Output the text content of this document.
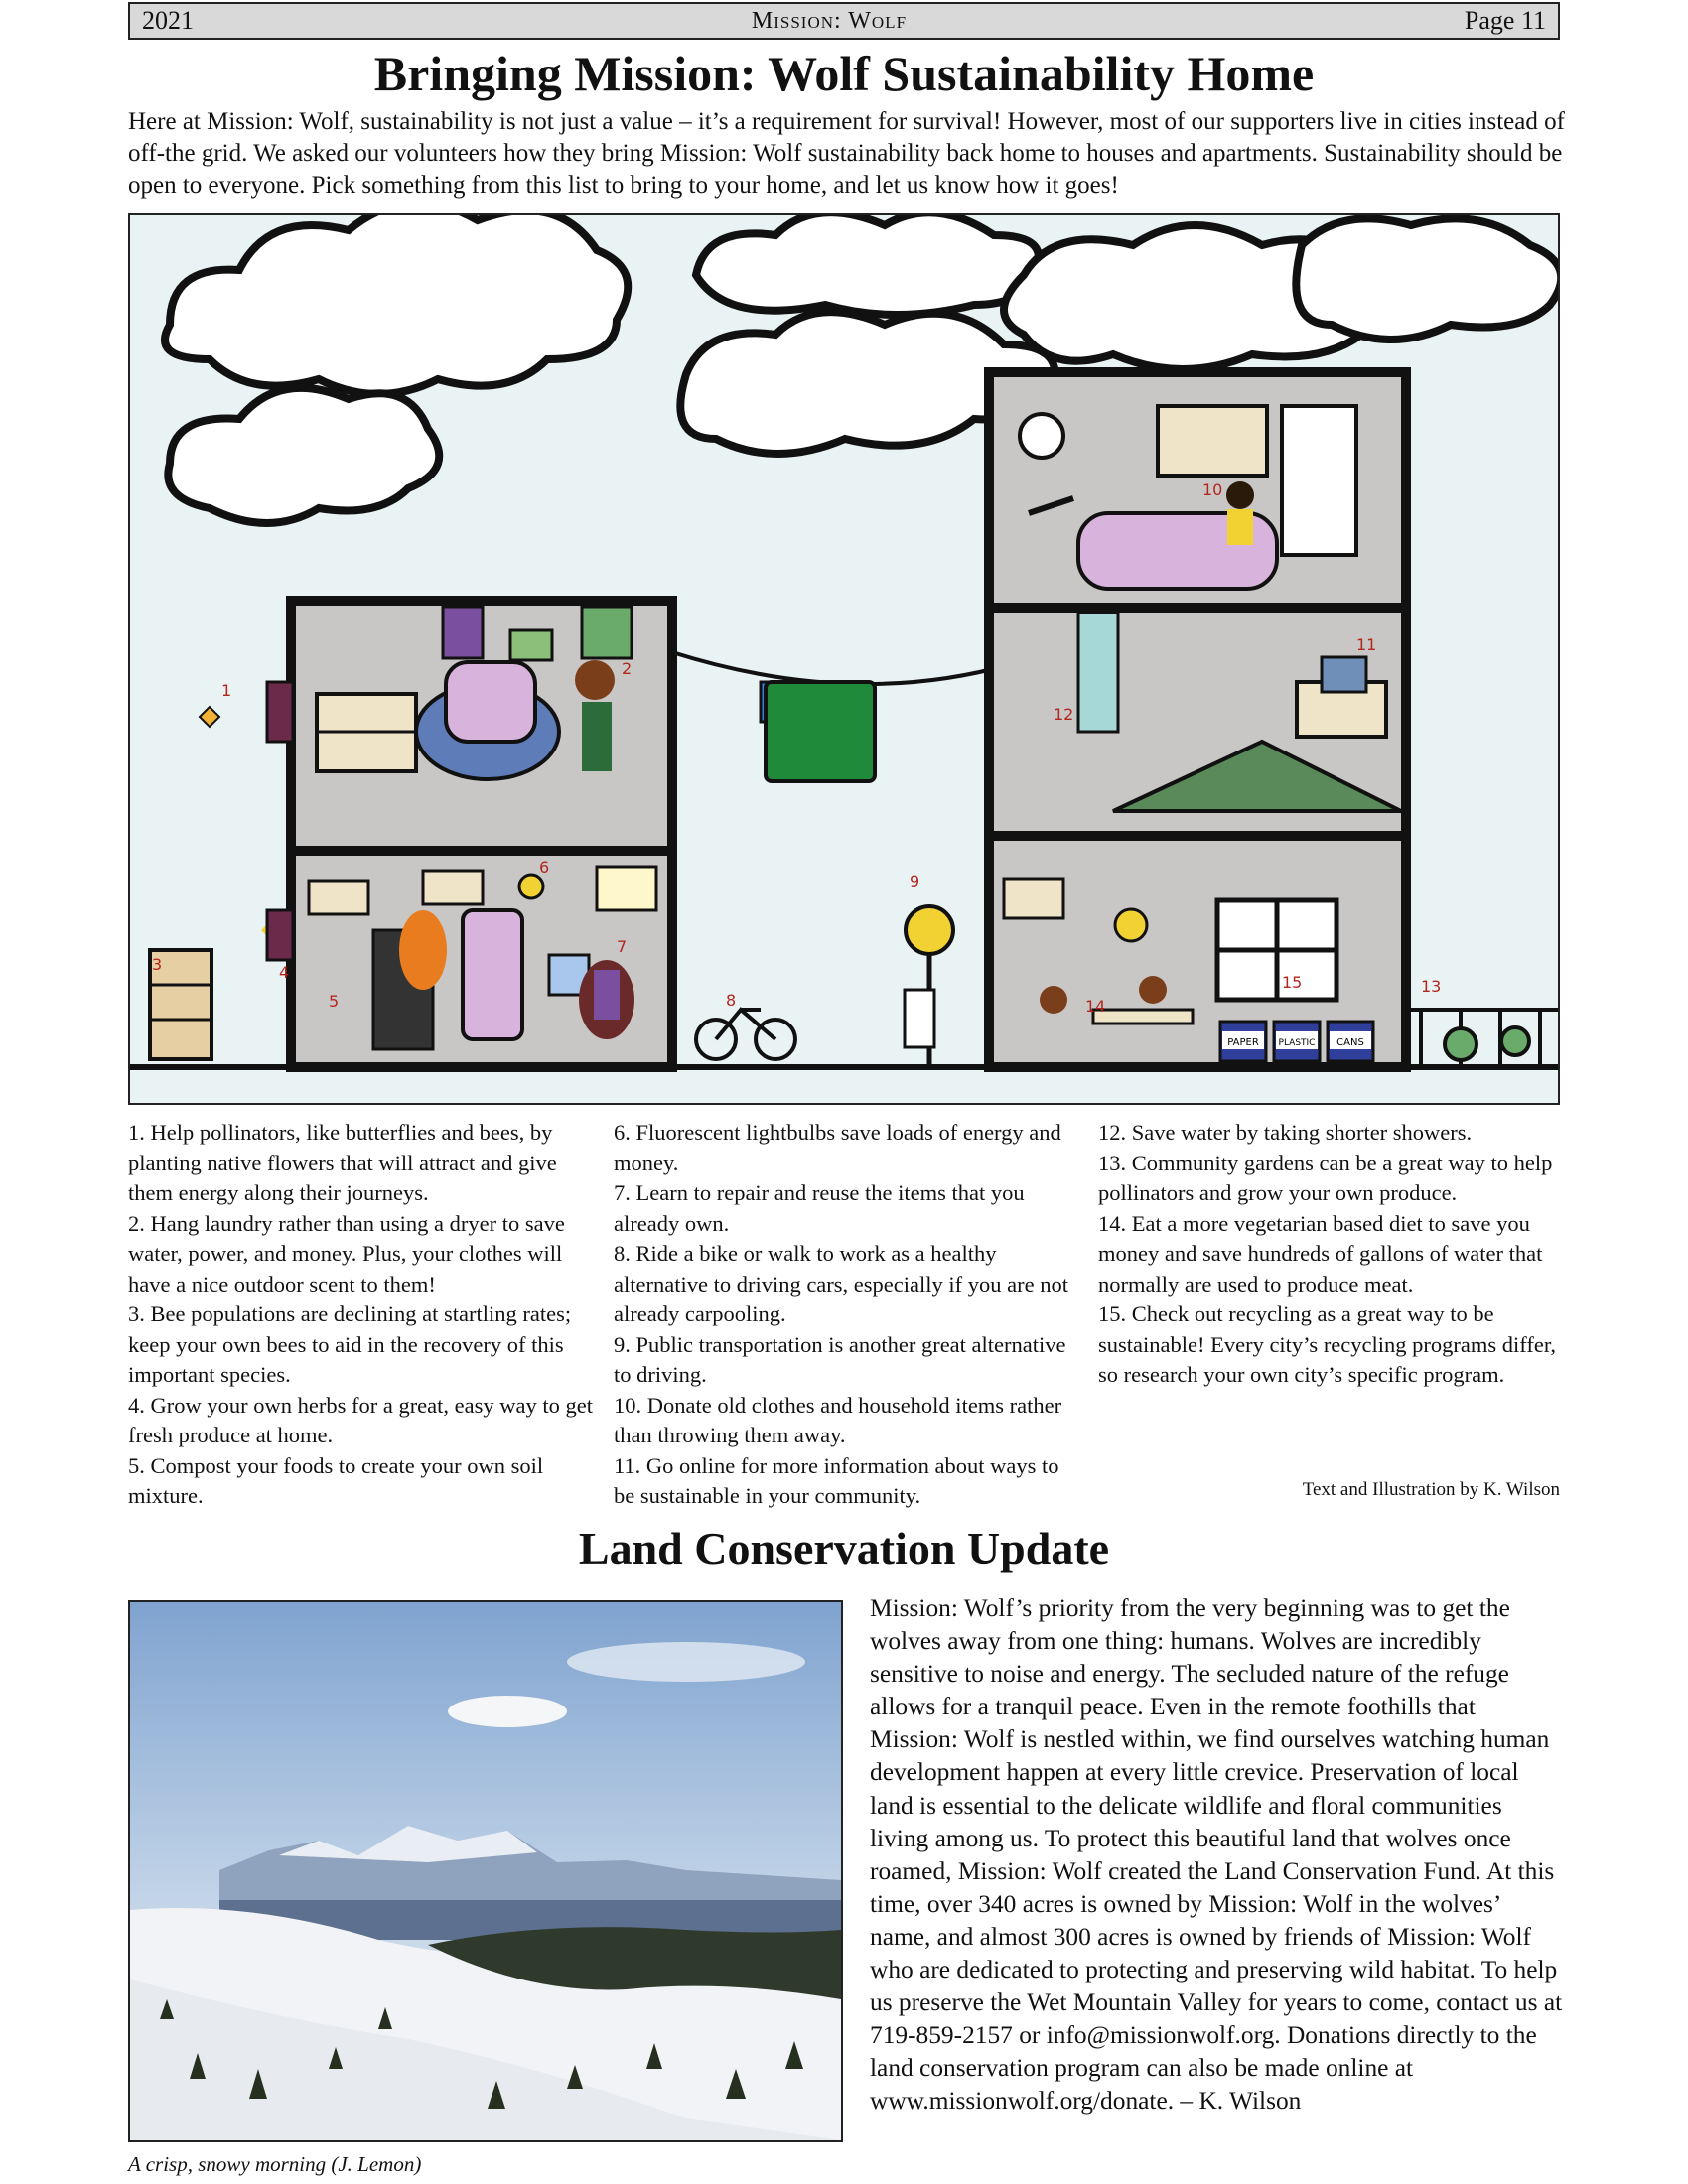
2021	Mission: Wolf	Page 11
Bringing Mission: Wolf Sustainability Home

Here at Mission: Wolf, sustainability is not just a value – it’s a requirement for survival! However, most of our supporters live in cities instead of off-the grid. We asked our volunteers how they bring Mission: Wolf sustainability back home to houses and apartments. Sustainability should be open to everyone. Pick something from this list to bring to your home, and let us know how it goes!

PAPER PLASTIC CANS
1
2
3	4
5
6
7
8
9
10
11
12
13
14
15

1. Help pollinators, like butterflies and bees, by planting native flowers that will attract and give them energy along their journeys.

2. Hang laundry rather than using a dryer to save water, power, and money. Plus, your clothes will have a nice outdoor scent to them!

3. Bee populations are declining at startling rates; keep your own bees to aid in the recovery of this important species.

4. Grow your own herbs for a great, easy way to get fresh produce at home.

5. Compost your foods to create your own soil mixture.

6. Fluorescent lightbulbs save loads of energy and money.

7. Learn to repair and reuse the items that you already own.

8. Ride a bike or walk to work as a healthy alternative to driving cars, especially if you are not already carpooling.

9. Public transportation is another great alternative to driving.

10. Donate old clothes and household items rather than throwing them away.

11. Go online for more information about ways to be sustainable in your community.

12. Save water by taking shorter showers.

13. Community gardens can be a great way to help pollinators and grow your own produce.

14. Eat a more vegetarian based diet to save you money and save hundreds of gallons of water that normally are used to produce meat.

15. Check out recycling as a great way to be sustainable! Every city’s recycling programs differ, so research your own city’s specific program.

Text and Illustration by K. Wilson
Land Conservation Update
A crisp, snowy morning (J. Lemon)

Mission: Wolf’s priority from the very beginning was to get the wolves away from one thing: humans. Wolves are incredibly sensitive to noise and energy. The secluded nature of the refuge allows for a tranquil peace. Even in the remote foothills that Mission: Wolf is nestled within, we find ourselves watching human development happen at every little crevice. Preservation of local land is essential to the delicate wildlife and floral communities living among us. To protect this beautiful land that wolves once roamed, Mission: Wolf created the Land Conservation Fund. At this time, over 340 acres is owned by Mission: Wolf in the wolves’ name, and almost 300 acres is owned by friends of Mission: Wolf who are dedicated to protecting and preserving wild habitat. To help us preserve the Wet Mountain Valley for years to come, contact us at 719-859-2157 or info@missionwolf.org. Donations directly to the land conservation program can also be made online at www.missionwolf.org/donate. – K. Wilson
